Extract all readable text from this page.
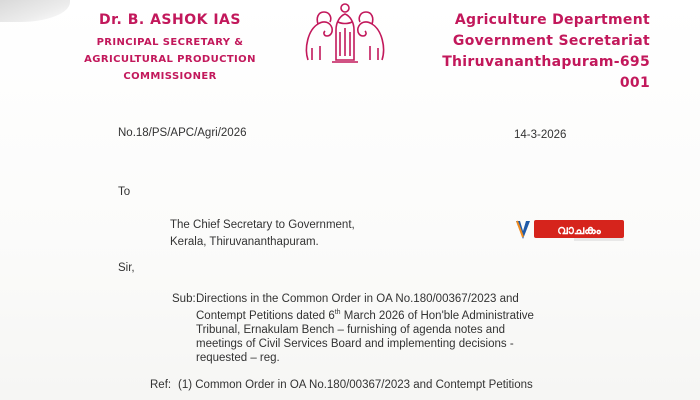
Dr. B. ASHOK IAS
PRINCIPAL SECRETARY &
AGRICULTURAL PRODUCTION COMMISSIONER
Agriculture Department
Government Secretariat
Thiruvananthapuram-695 001
No.18/PS/APC/Agri/2026	14-3-2026
To
The Chief Secretary to Government,
Kerala, Thiruvananthapuram.
Sir,
Sub: Directions in the Common Order in OA No.180/00367/2023 and
Contempt Petitions dated 6th March 2026 of Hon'ble Administrative
Tribunal, Ernakulam Bench – furnishing of agenda notes and
meetings of Civil Services Board and implementing decisions -
requested – reg.
Ref: (1) Common Order in OA No.180/00367/2023 and Contempt Petitions
വാചകം
